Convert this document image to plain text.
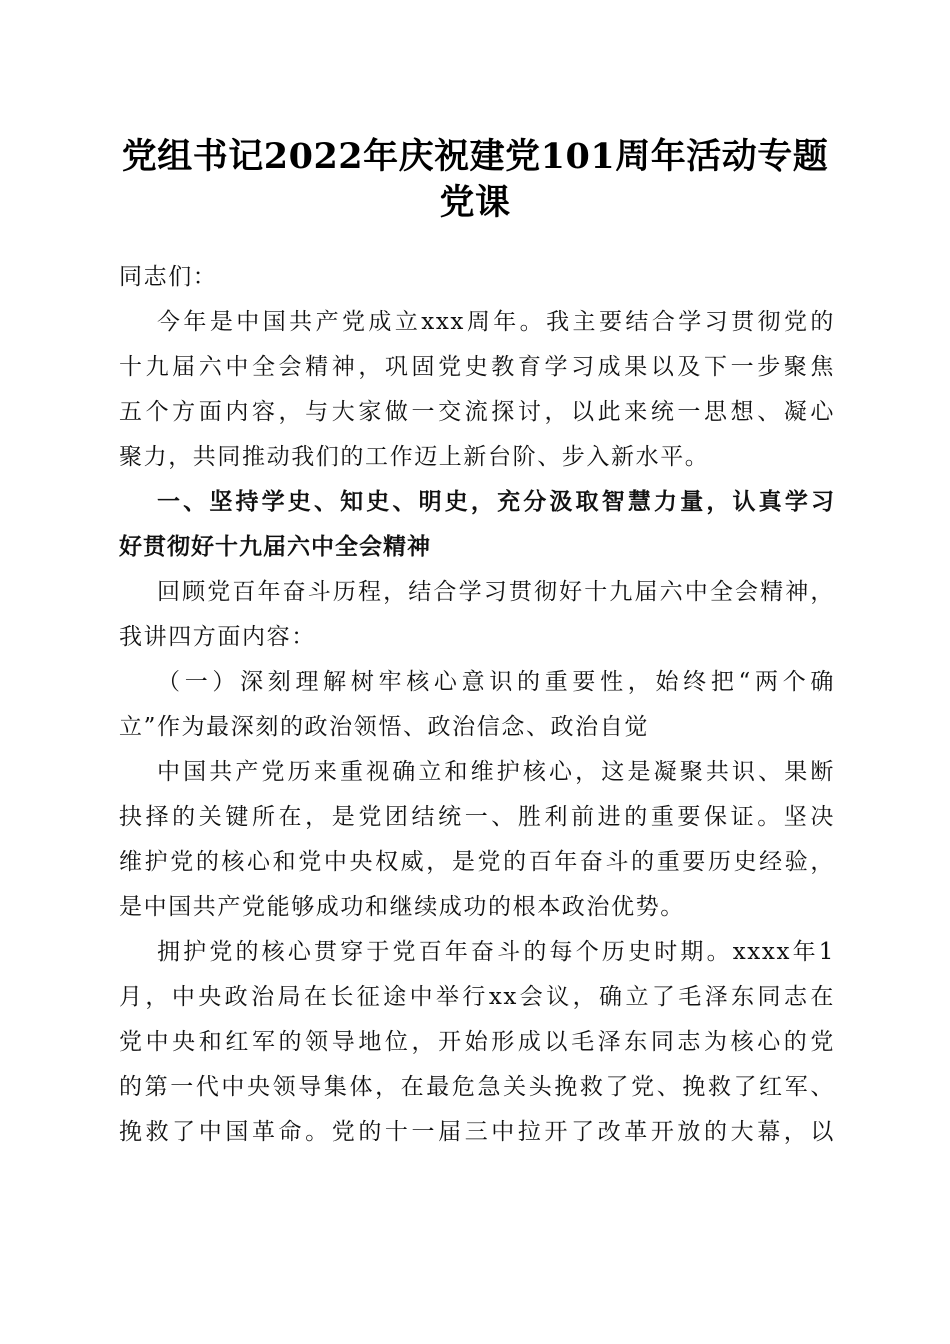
党组书记2022年庆祝建党101周年活动专题
党课
同志们：
今年是中国共产党成立xxx周年。我主要结合学习贯彻党的
十九届六中全会精神，巩固党史教育学习成果以及下一步聚焦
五个方面内容，与大家做一交流探讨，以此来统一思想、凝心
聚力，共同推动我们的工作迈上新台阶、步入新水平。
一、坚持学史、知史、明史，充分汲取智慧力量，认真学习
好贯彻好十九届六中全会精神
回顾党百年奋斗历程，结合学习贯彻好十九届六中全会精神，
我讲四方面内容：
（一）深刻理解树牢核心意识的重要性，始终把“两个确
立”作为最深刻的政治领悟、政治信念、政治自觉
中国共产党历来重视确立和维护核心，这是凝聚共识、果断
抉择的关键所在，是党团结统一、胜利前进的重要保证。坚决
维护党的核心和党中央权威，是党的百年奋斗的重要历史经验，
是中国共产党能够成功和继续成功的根本政治优势。
拥护党的核心贯穿于党百年奋斗的每个历史时期。xxxx年1
月，中央政治局在长征途中举行xx会议，确立了毛泽东同志在
党中央和红军的领导地位，开始形成以毛泽东同志为核心的党
的第一代中央领导集体，在最危急关头挽救了党、挽救了红军、
挽救了中国革命。党的十一届三中拉开了改革开放的大幕，以
